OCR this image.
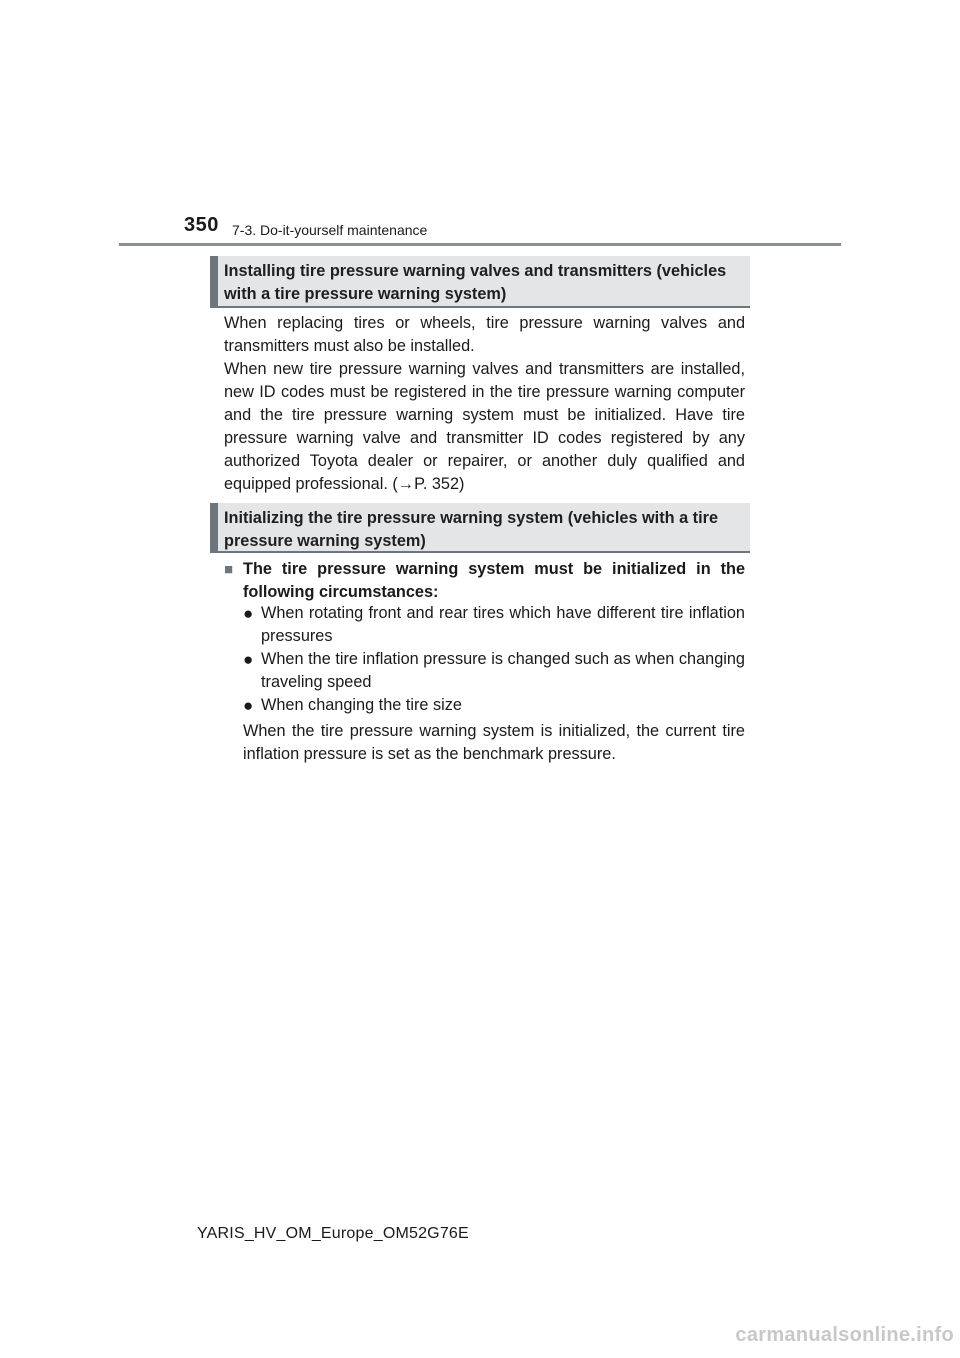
350 7-3. Do-it-yourself maintenance
Installing tire pressure warning valves and transmitters (vehicles with a tire pressure warning system)

When replacing tires or wheels, tire pressure warning valves and transmitters must also be installed.

When new tire pressure warning valves and transmitters are installed, new ID codes must be registered in the tire pressure warning computer and the tire pressure warning system must be initialized. Have tire pressure warning valve and transmitter ID codes registered by any authorized Toyota dealer or repairer, or another duly qualified and equipped professional. (→P. 352)

Initializing the tire pressure warning system (vehicles with a tire pressure warning system)
■ The tire pressure warning system must be initialized in the following circumstances:
● When rotating front and rear tires which have different tire inflation pressures
● When the tire inflation pressure is changed such as when changing traveling speed
● When changing the tire size

When the tire pressure warning system is initialized, the current tire inflation pressure is set as the benchmark pressure.

YARIS_HV_OM_Europe_OM52G76E
carmanualsonline.info
